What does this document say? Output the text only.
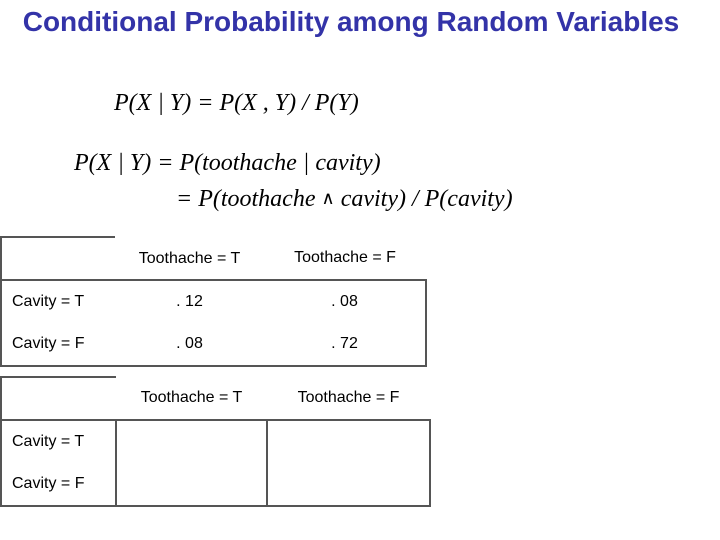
Conditional Probability among Random Variables
P(X | Y) = P(X , Y) / P(Y)
P(X | Y) = P(toothache | cavity)
= P(toothache ∧ cavity) / P(cavity)
	Toothache = T	Toothache = F
Cavity = T	. 12	. 08
Cavity = F	. 08	. 72
	Toothache = T	Toothache = F
Cavity = T		
Cavity = F		
